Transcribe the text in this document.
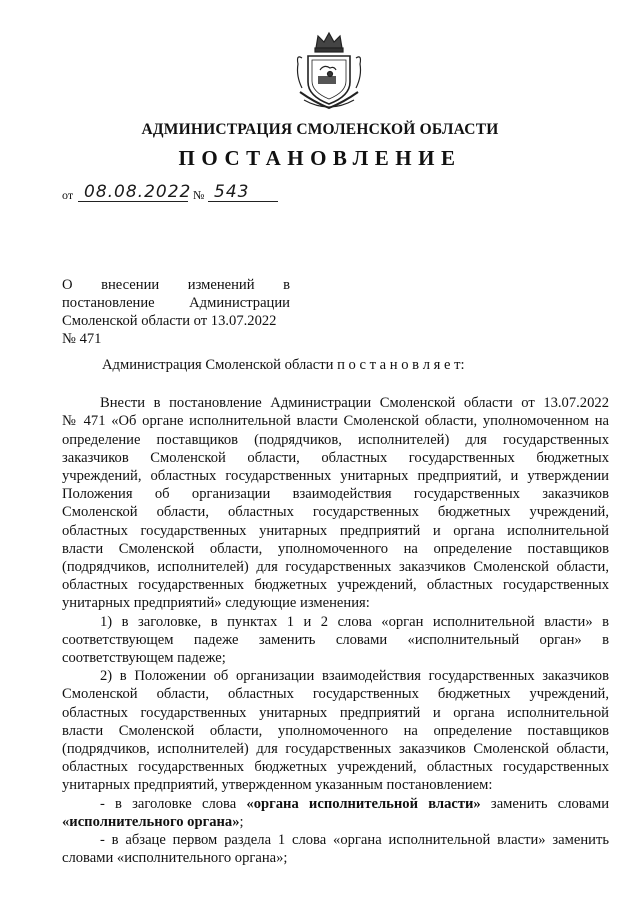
АДМИНИСТРАЦИЯ СМОЛЕНСКОЙ ОБЛАСТИ
ПОСТАНОВЛЕНИЕ
от 08.08.2022 № 543
О внесении изменений в
постановление Администрации
Смоленской области от 13.07.2022
№ 471

Администрация Смоленской области п о с т а н о в л я е т:

Внести в постановление Администрации Смоленской области от 13.07.2022
№ 471 «Об органе исполнительной власти Смоленской области, уполномоченном на
определение поставщиков (подрядчиков, исполнителей) для государственных
заказчиков Смоленской области, областных государственных бюджетных
учреждений, областных государственных унитарных предприятий, и утверждении
Положения об организации взаимодействия государственных заказчиков
Смоленской области, областных государственных бюджетных учреждений,
областных государственных унитарных предприятий и органа исполнительной
власти Смоленской области, уполномоченного на определение поставщиков
(подрядчиков, исполнителей) для государственных заказчиков Смоленской области,
областных государственных бюджетных учреждений, областных государственных
унитарных предприятий» следующие изменения:

1) в заголовке, в пунктах 1 и 2 слова «орган исполнительной власти» в
соответствующем падеже заменить словами «исполнительный орган» в
соответствующем падеже;

2) в Положении об организации взаимодействия государственных заказчиков
Смоленской области, областных государственных бюджетных учреждений,
областных государственных унитарных предприятий и органа исполнительной
власти Смоленской области, уполномоченного на определение поставщиков
(подрядчиков, исполнителей) для государственных заказчиков Смоленской области,
областных государственных бюджетных учреждений, областных государственных
унитарных предприятий, утвержденном указанным постановлением:

- в заголовке слова «органа исполнительной власти» заменить словами
«исполнительного органа»;

- в абзаце первом раздела 1 слова «органа исполнительной власти» заменить
словами «исполнительного органа»;
